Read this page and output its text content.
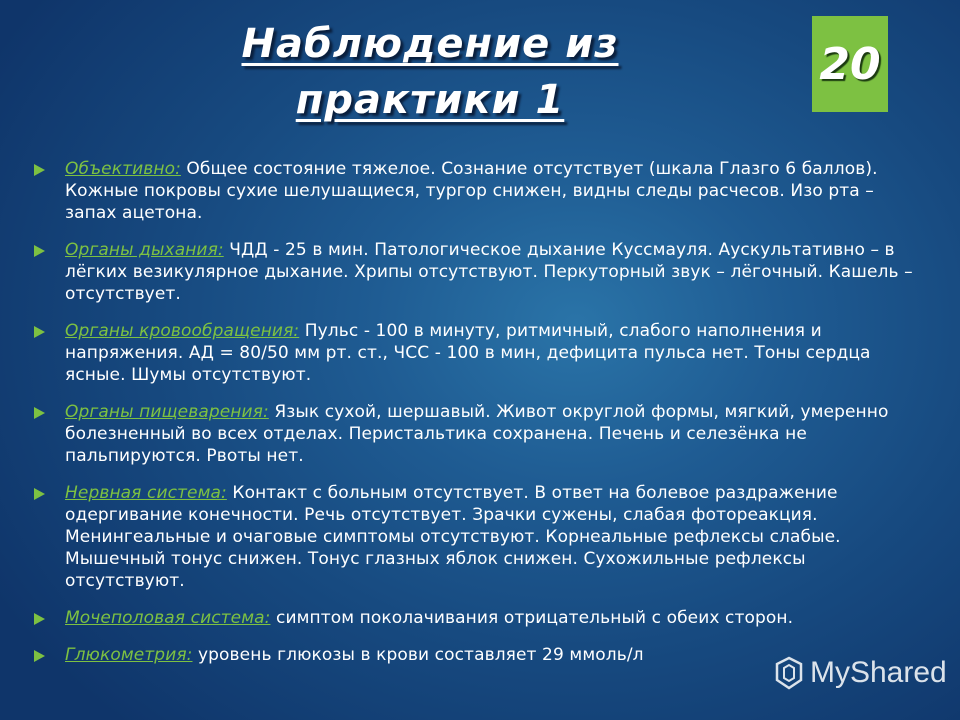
Наблюдение из
практики 1
20
Объективно: Общее состояние тяжелое. Сознание отсутствует (шкала Глазго 6 баллов). Кожные покровы сухие шелушащиеся, тургор снижен, видны следы расчесов. Изо рта – запах ацетона.
Органы дыхания: ЧДД - 25 в мин. Патологическое дыхание Куссмауля. Аускультативно – в лёгких везикулярное дыхание. Хрипы отсутствуют. Перкуторный звук – лёгочный. Кашель – отсутствует.
Органы кровообращения: Пульс - 100 в минуту, ритмичный, слабого наполнения и напряжения. АД = 80/50 мм рт. ст., ЧСС - 100 в мин, дефицита пульса нет. Тоны сердца ясные. Шумы отсутствуют.
Органы пищеварения: Язык сухой, шершавый. Живот округлой формы, мягкий, умеренно болезненный во всех отделах. Перистальтика сохранена. Печень и селезёнка не пальпируются. Рвоты нет.
Нервная система: Контакт с больным отсутствует. В ответ на болевое раздражение одергивание конечности. Речь отсутствует. Зрачки сужены, слабая фотореакция. Менингеальные и очаговые симптомы отсутствуют. Корнеальные рефлексы слабые. Мышечный тонус снижен. Тонус глазных яблок снижен. Сухожильные рефлексы отсутствуют.
Мочеполовая система: симптом поколачивания отрицательный с обеих сторон.
Глюкометрия: уровень глюкозы в крови составляет 29 ммоль/л
MyShared
